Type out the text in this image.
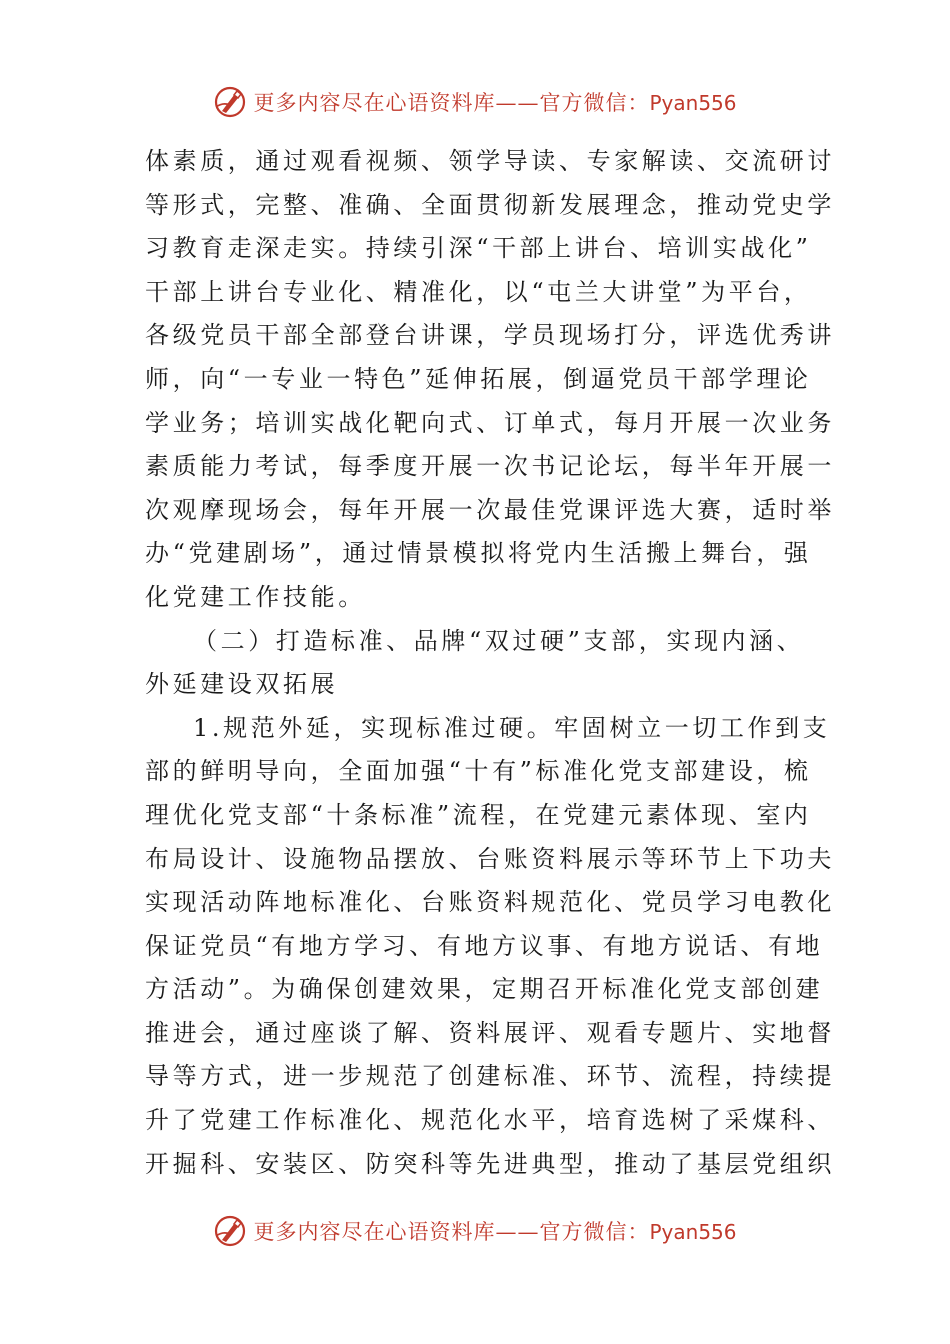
更多内容尽在心语资料库——官方微信：Pyan556
体素质，通过观看视频、领学导读、专家解读、交流研讨
等形式，完整、准确、全面贯彻新发展理念，推动党史学
习教育走深走实。持续引深“干部上讲台、培训实战化”
干部上讲台专业化、精准化，以“屯兰大讲堂”为平台，
各级党员干部全部登台讲课，学员现场打分，评选优秀讲
师，向“一专业一特色”延伸拓展，倒逼党员干部学理论
学业务；培训实战化靶向式、订单式，每月开展一次业务
素质能力考试，每季度开展一次书记论坛，每半年开展一
次观摩现场会，每年开展一次最佳党课评选大赛，适时举
办“党建剧场”，通过情景模拟将党内生活搬上舞台，强
化党建工作技能。
（二）打造标准、品牌“双过硬”支部，实现内涵、
外延建设双拓展
1.规范外延，实现标准过硬。牢固树立一切工作到支
部的鲜明导向，全面加强“十有”标准化党支部建设，梳
理优化党支部“十条标准”流程，在党建元素体现、室内
布局设计、设施物品摆放、台账资料展示等环节上下功夫
实现活动阵地标准化、台账资料规范化、党员学习电教化
保证党员“有地方学习、有地方议事、有地方说话、有地
方活动”。为确保创建效果，定期召开标准化党支部创建
推进会，通过座谈了解、资料展评、观看专题片、实地督
导等方式，进一步规范了创建标准、环节、流程，持续提
升了党建工作标准化、规范化水平，培育选树了采煤科、
开掘科、安装区、防突科等先进典型，推动了基层党组织
更多内容尽在心语资料库——官方微信：Pyan556
